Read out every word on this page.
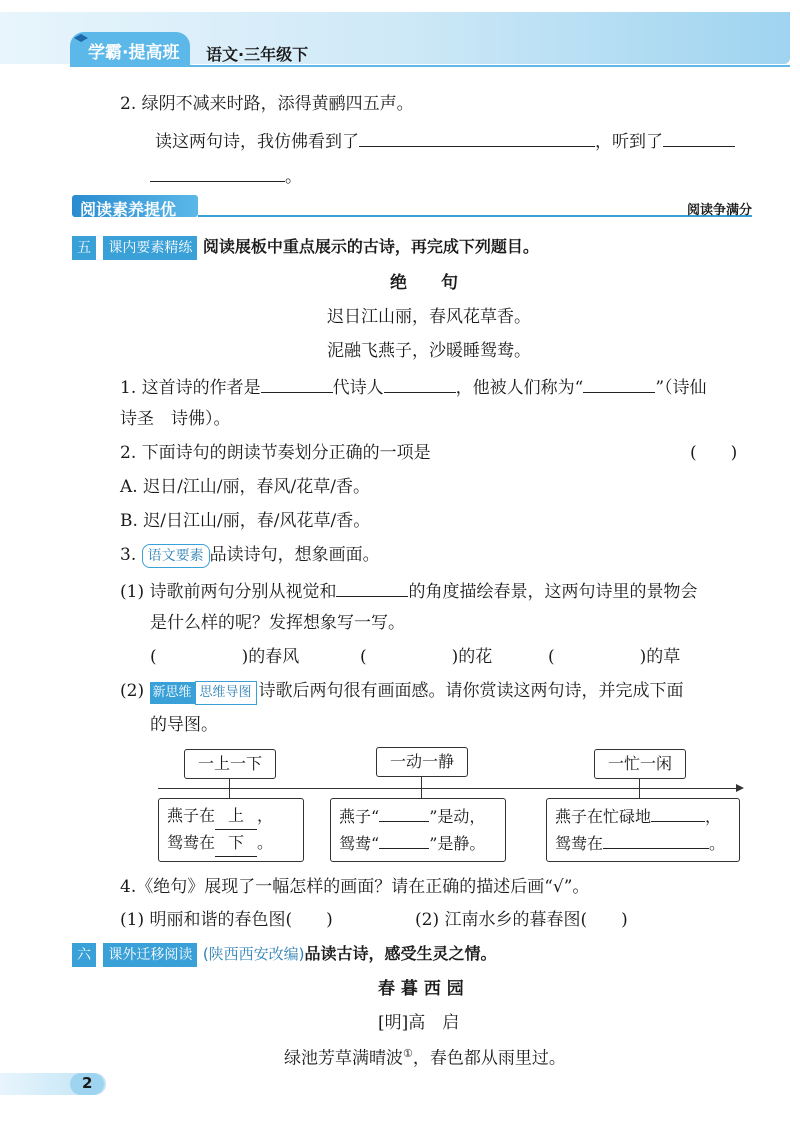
学霸·提高班 语文·三年级下
2. 绿阴不减来时路，添得黄鹂四五声。
读这两句诗，我仿佛看到了	，听到了
。
阅读素养提优	阅读争满分
五 课内要素精练 阅读展板中重点展示的古诗，再完成下列题目。
绝　　句
迟日江山丽，春风花草香。
泥融飞燕子，沙暖睡鸳鸯。
1. 这首诗的作者是	代诗人	，他被人们称为“	”（诗仙
诗圣　诗佛）。
2. 下面诗句的朗读节奏划分正确的一项是	(　　)
A. 迟日/江山/丽，春风/花草/香。
B. 迟/日江山/丽，春/风花草/香。
3. 语文要素 品读诗句，想象画面。
(1) 诗歌前两句分别从视觉和	的角度描绘春景，这两句诗里的景物会
是什么样的呢？发挥想象写一写。
(　　　　　)的春风	(　　　　　)的花	(　　　　　)的草
(2) 新思维 思维导图 诗歌后两句很有画面感。请你赏读这两句诗，并完成下面
的导图。
一上一下	一动一静	一忙一闲
燕子在 上 ，
鸳鸯在 下 。
燕子“	”是动，
鸳鸯“	”是静。
燕子在忙碌地	，
鸳鸯在	。
4.《绝句》展现了一幅怎样的画面？请在正确的描述后画“√”。
(1) 明丽和谐的春色图(　　)	(2) 江南水乡的暮春图(　　)
六 课外迁移阅读 (陕西西安改编)品读古诗，感受生灵之情。
春 暮 西 园
[明]高　启
绿池芳草满晴波①，春色都从雨里过。
2
